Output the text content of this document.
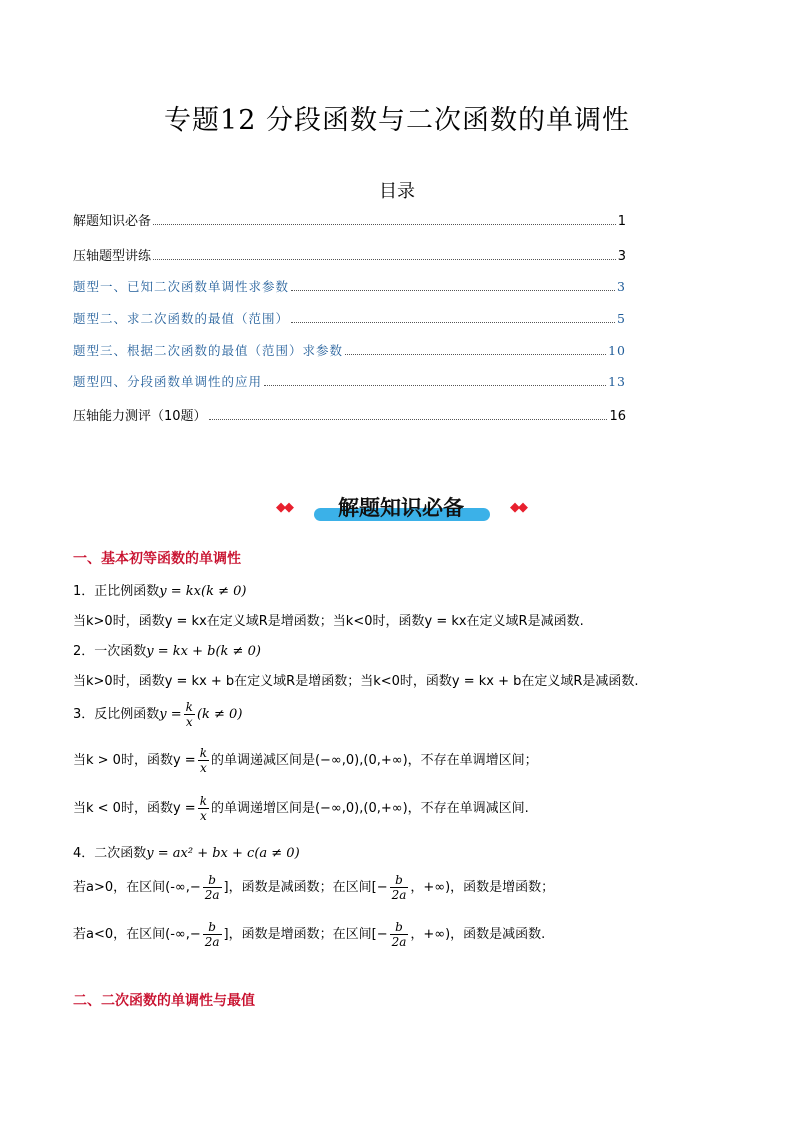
专题12 分段函数与二次函数的单调性
目录
解题知识必备	1
压轴题型讲练	3
题型一、已知二次函数单调性求参数	3
题型二、求二次函数的最值（范围）	5
题型三、根据二次函数的最值（范围）求参数	10
题型四、分段函数单调性的应用	13
压轴能力测评（10题）	16
◆◆	解题知识必备	◆◆
一、基本初等函数的单调性
1．正比例函数y = kx(k ≠ 0)
当k>0时，函数y = kx在定义域R是增函数；当k<0时，函数y = kx在定义域R是减函数.
2．一次函数y = kx + b(k ≠ 0)
当k>0时，函数y = kx + b在定义域R是增函数；当k<0时，函数y = kx + b在定义域R是减函数.
3．反比例函数$y = \frac{k}{x} (k \ne 0)$
当k > 0时，函数$y = \frac{k}{x}$ 的单调递减区间是(−∞,0),(0,+∞)，不存在单调增区间；
当k < 0时，函数$y = \frac{k}{x}$ 的单调递增区间是(−∞,0),(0,+∞)，不存在单调减区间.
4．二次函数y = ax² + bx + c(a ≠ 0)
若a>0，在区间(-∞,− $\frac{b}{2a}$ ]，函数是减函数；在区间[− $\frac{b}{2a}$ ，+∞)，函数是增函数；
若a<0，在区间(-∞,− $\frac{b}{2a}$ ]，函数是增函数；在区间[− $\frac{b}{2a}$ ，+∞)，函数是减函数.
二、二次函数的单调性与最值
